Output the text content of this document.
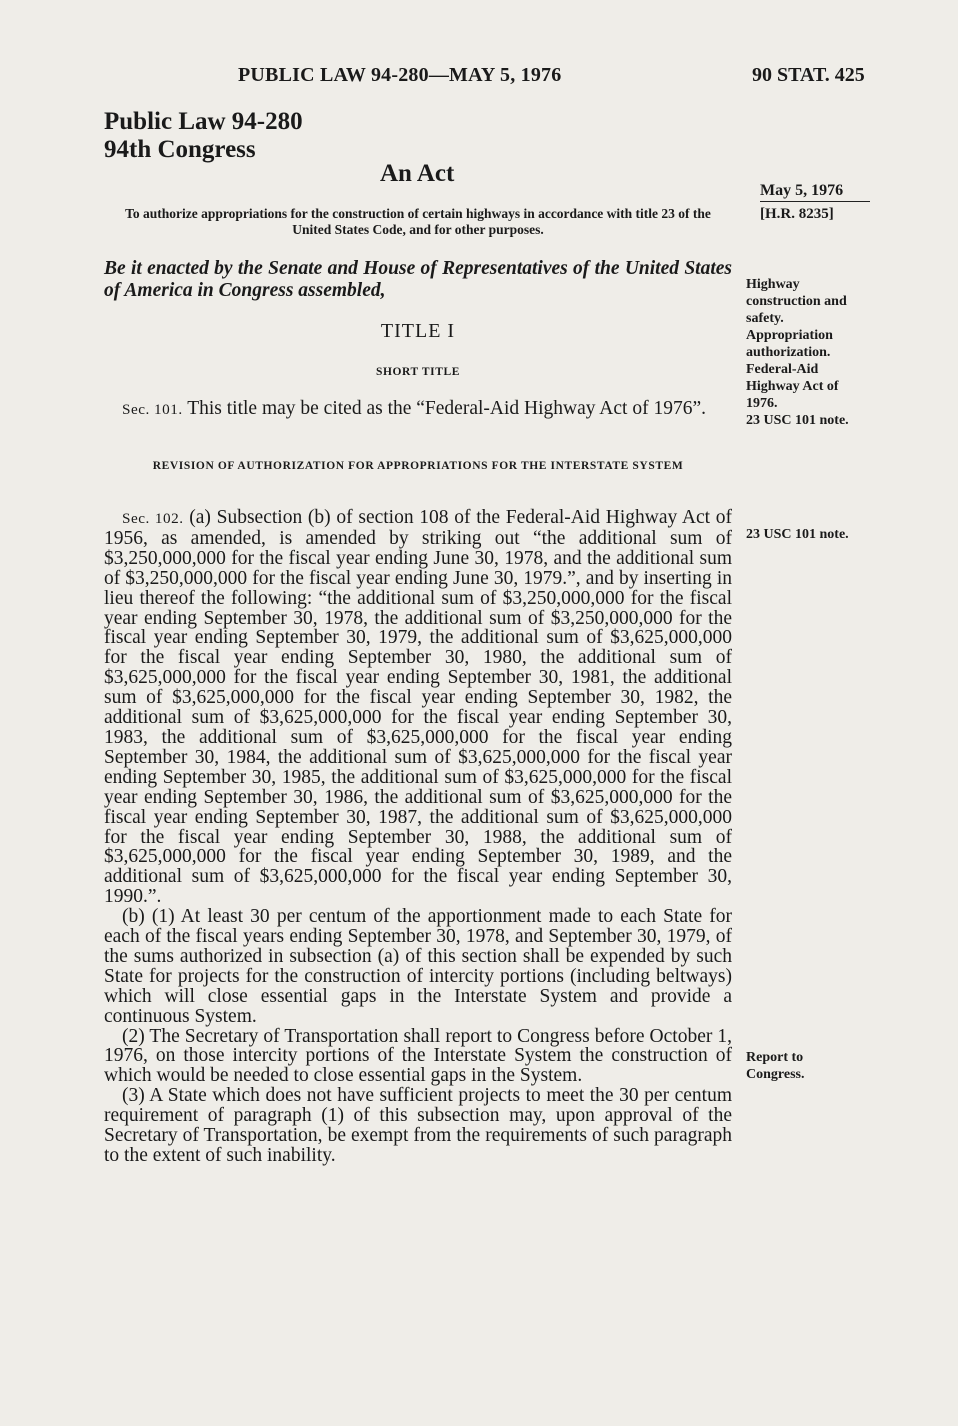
PUBLIC LAW 94-280—MAY 5, 1976	90 STAT. 425
Public Law 94-280
94th Congress
An Act
May 5, 1976
[H.R. 8235]
To authorize appropriations for the construction of certain highways in accordance with title 23 of the United States Code, and for other purposes.
Be it enacted by the Senate and House of Representatives of the United States of America in Congress assembled,	Highway
construction and
safety.
Appropriation
authorization.
Federal-Aid
Highway Act of
1976.
23 USC 101 note.
TITLE I
SHORT TITLE
Sec. 101. This title may be cited as the “Federal-Aid Highway Act of 1976”.
REVISION OF AUTHORIZATION FOR APPROPRIATIONS FOR THE INTERSTATE SYSTEM
23 USC 101 note.

Sec. 102. (a) Subsection (b) of section 108 of the Federal-Aid Highway Act of 1956, as amended, is amended by striking out “the additional sum of $3,250,000,000 for the fiscal year ending June 30, 1978, and the additional sum of $3,250,000,000 for the fiscal year ending June 30, 1979.”, and by inserting in lieu thereof the following: “the additional sum of $3,250,000,000 for the fiscal year ending September 30, 1978, the additional sum of $3,250,000,000 for the fiscal year ending September 30, 1979, the additional sum of $3,625,000,000 for the fiscal year ending September 30, 1980, the additional sum of $3,625,000,000 for the fiscal year ending September 30, 1981, the additional sum of $3,625,000,000 for the fiscal year ending September 30, 1982, the additional sum of $3,625,000,000 for the fiscal year ending September 30, 1983, the additional sum of $3,625,000,000 for the fiscal year ending September 30, 1984, the additional sum of $3,625,000,000 for the fiscal year ending September 30, 1985, the additional sum of $3,625,000,000 for the fiscal year ending September 30, 1986, the additional sum of $3,625,000,000 for the fiscal year ending September 30, 1987, the additional sum of $3,625,000,000 for the fiscal year ending September 30, 1988, the additional sum of $3,625,000,000 for the fiscal year ending September 30, 1989, and the additional sum of $3,625,000,000 for the fiscal year ending September 30, 1990.”.

(b) (1) At least 30 per centum of the apportionment made to each State for each of the fiscal years ending September 30, 1978, and September 30, 1979, of the sums authorized in subsection (a) of this section shall be expended by such State for projects for the construction of intercity portions (including beltways) which will close essential gaps in the Interstate System and provide a continuous System.

(2) The Secretary of Transportation shall report to Congress before October 1, 1976, on those intercity portions of the Interstate System the construction of which would be needed to close essential gaps in the System.

(3) A State which does not have sufficient projects to meet the 30 per centum requirement of paragraph (1) of this subsection may, upon approval of the Secretary of Transportation, be exempt from the requirements of such paragraph to the extent of such inability.

Report to
Congress.
